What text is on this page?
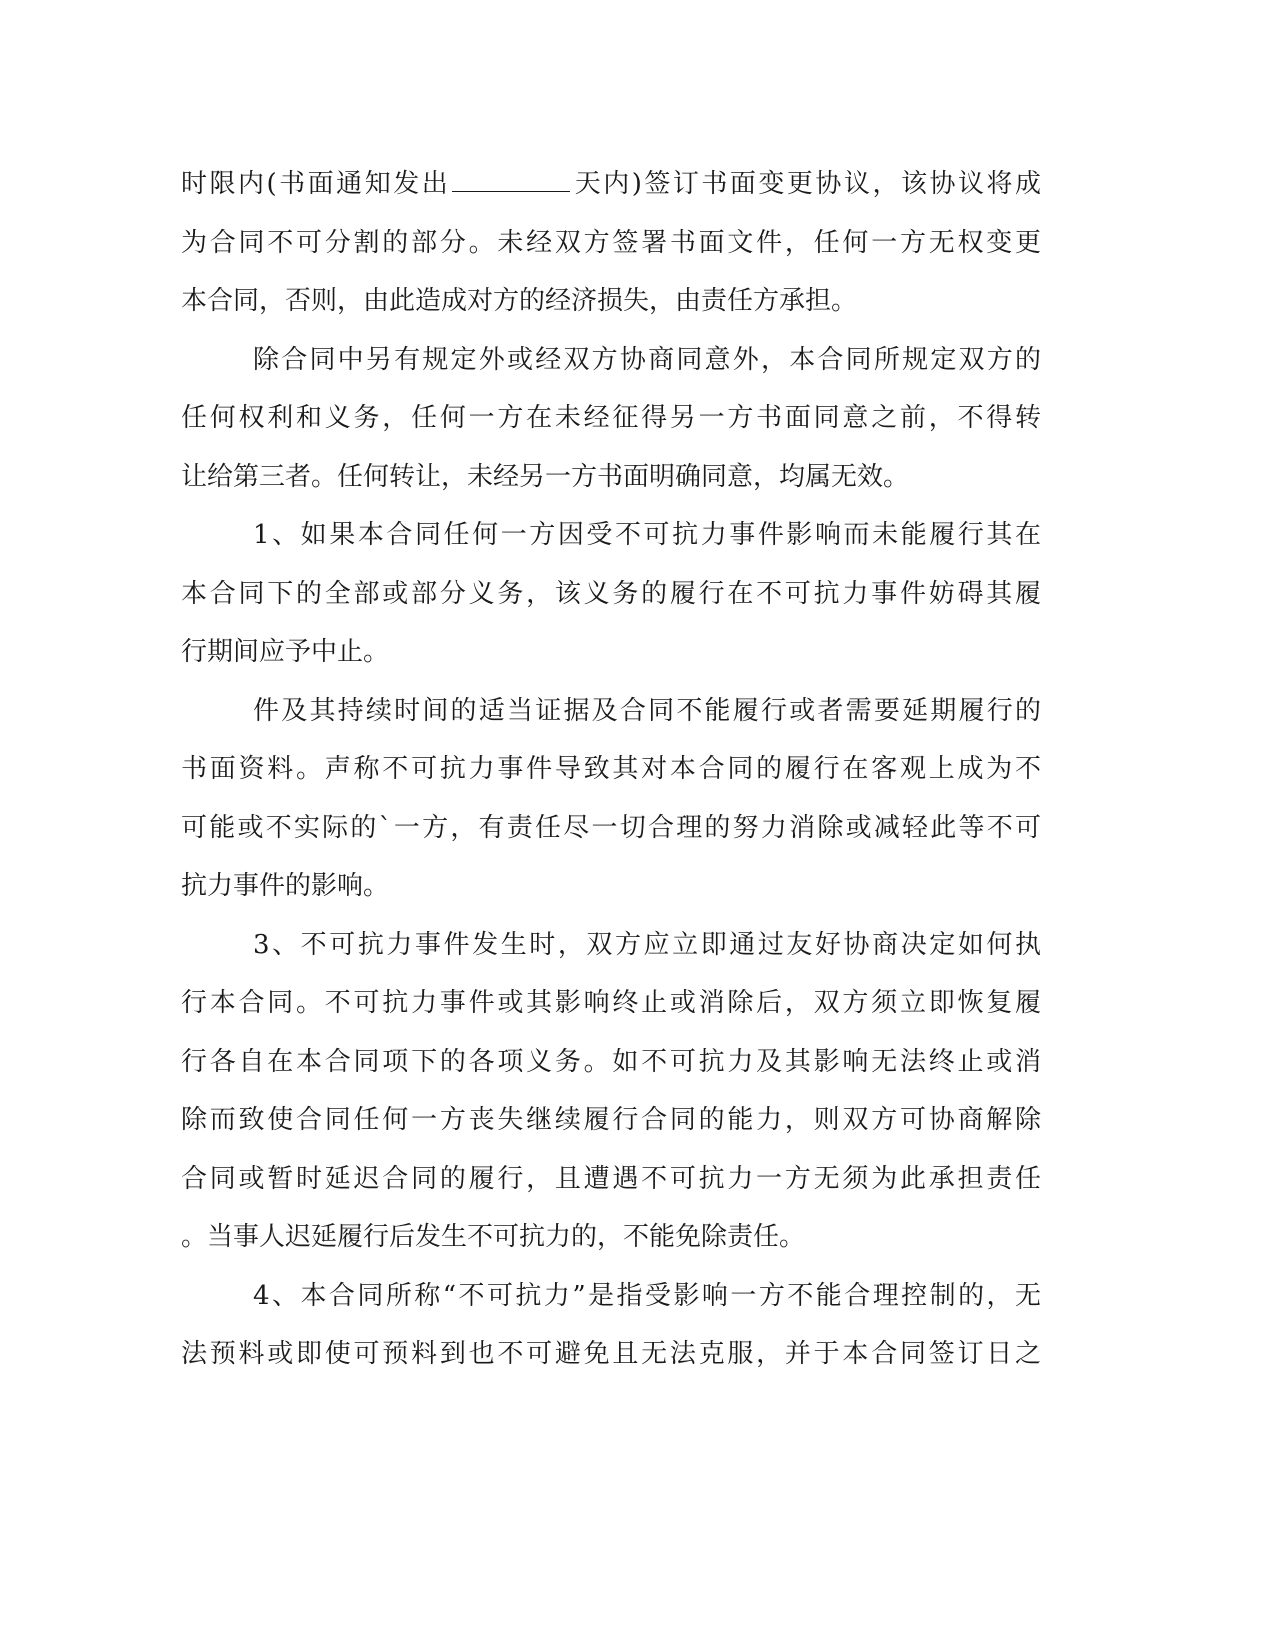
时限内(书面通知发出	天内)签订书面变更协议，该协议将成
为合同不可分割的部分。未经双方签署书面文件，任何一方无权变更
本合同，否则，由此造成对方的经济损失，由责任方承担。
除合同中另有规定外或经双方协商同意外，本合同所规定双方的
任何权利和义务，任何一方在未经征得另一方书面同意之前，不得转
让给第三者。任何转让，未经另一方书面明确同意，均属无效。
1、如果本合同任何一方因受不可抗力事件影响而未能履行其在
本合同下的全部或部分义务，该义务的履行在不可抗力事件妨碍其履
行期间应予中止。
件及其持续时间的适当证据及合同不能履行或者需要延期履行的
书面资料。声称不可抗力事件导致其对本合同的履行在客观上成为不
可能或不实际的`一方，有责任尽一切合理的努力消除或减轻此等不可
抗力事件的影响。
3、不可抗力事件发生时，双方应立即通过友好协商决定如何执
行本合同。不可抗力事件或其影响终止或消除后，双方须立即恢复履
行各自在本合同项下的各项义务。如不可抗力及其影响无法终止或消
除而致使合同任何一方丧失继续履行合同的能力，则双方可协商解除
合同或暂时延迟合同的履行，且遭遇不可抗力一方无须为此承担责任
。当事人迟延履行后发生不可抗力的，不能免除责任。
4、本合同所称“不可抗力”是指受影响一方不能合理控制的，无
法预料或即使可预料到也不可避免且无法克服，并于本合同签订日之
